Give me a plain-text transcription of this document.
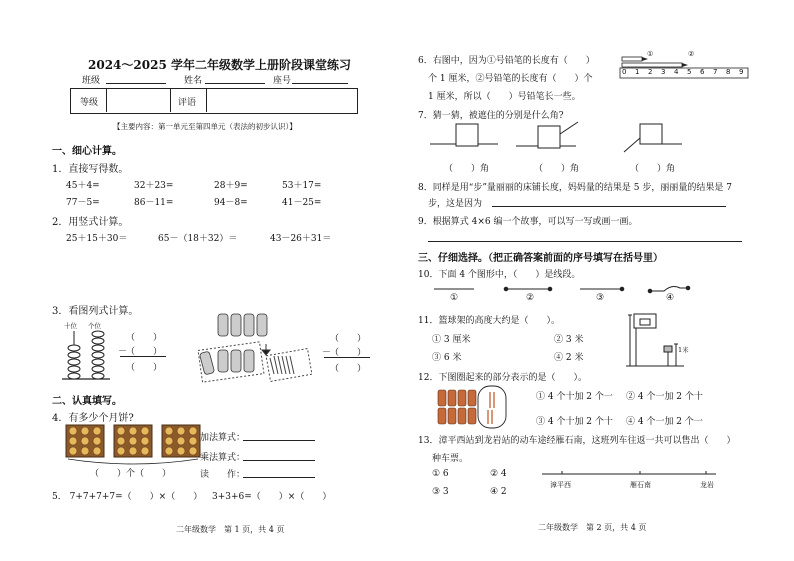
2024～2025 学年二年级数学上册阶段课堂练习
班级	姓名	座号
等级	评语
【主要内容：第一单元至第四单元（表法的初步认识）】
一、细心计算。
1．直接写得数。
45＋4=	32＋23=	28＋9=	53＋17=
77－5=	86－11=	94－8=	41－25=
2．用竖式计算。
25＋15＋30＝	65－（18＋32）＝	43－26＋31＝
3．看图列式计算。
十位 个位
（　　）
－
（　　）
（　　）
（　　）
－
（　　）
（　　）
二、认真填写。
4．有多少个月饼?
（　　）个（　　）
加法算式：
乘法算式：
读　　作：
5． 7+7+7+7=（　　）×（　　） 3+3+6=（　　）×（　　）
二年级数学　第 1 页，共 4 页
6．右图中，因为①号铅笔的长度有（　　）
个 1 厘米，②号铅笔的长度有（　　）个
1 厘米，所以（　　）号铅笔长一些。
①	②
0 1 2 3 4 5 6 7 8 9
7．猜一猜，被遮住的分别是什么角?
（　　）角	（　　）角	（　　）角
8．同样是用“步”量丽丽的床铺长度，妈妈量的结果是 5 步，丽丽量的结果是 7
步，这是因为
9．根据算式 4×6 编一个故事，可以写一写或画一画。
三、仔细选择。（把正确答案前面的序号填写在括号里）
10．下面 4 个图形中，（　　）是线段。
①	②	③	④
11．篮球架的高度大约是（　　）。
① 3 厘米	② 3 米
③ 6 米	④ 2 米
1米
12．下图圈起来的部分表示的是（　　）。
① 4 个十加 2 个一 ② 4 个一加 2 个十
③ 4 个十加 2 个十 ④ 4 个一加 2 个一
13．漳平西站到龙岩站的动车途经雁石南，这班列车往返一共可以售出（　　）
种车票。
① 6	② 4
③ 3	④ 2
漳平西	雁石南	龙岩
二年级数学　第 2 页，共 4 页
